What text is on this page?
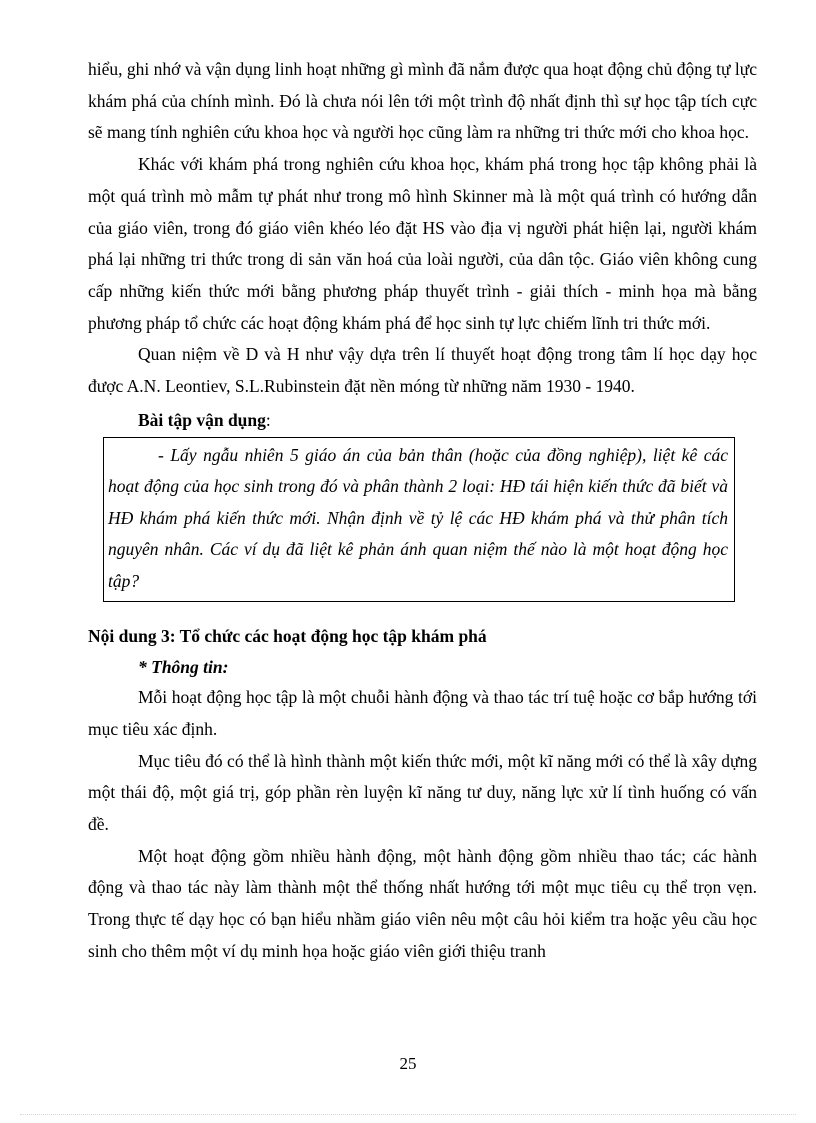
hiểu, ghi nhớ và vận dụng linh hoạt những gì mình đã nắm được qua hoạt động chủ động tự lực khám phá của chính mình. Đó là chưa nói lên tới một trình độ nhất định thì sự học tập tích cực sẽ mang tính nghiên cứu khoa học và người học cũng làm ra những tri thức mới cho khoa học.

Khác với khám phá trong nghiên cứu khoa học, khám phá trong học tập không phải là một quá trình mò mẫm tự phát như trong mô hình Skinner mà là một quá trình có hướng dẫn của giáo viên, trong đó giáo viên khéo léo đặt HS vào địa vị người phát hiện lại, người khám phá lại những tri thức trong di sản văn hoá của loài người, của dân tộc. Giáo viên không cung cấp những kiến thức mới bằng phương pháp thuyết trình - giải thích - minh họa mà bằng phương pháp tổ chức các hoạt động khám phá để học sinh tự lực chiếm lĩnh tri thức mới.

Quan niệm về D và H như vậy dựa trên lí thuyết hoạt động trong tâm lí học dạy học được A.N. Leontiev, S.L.Rubinstein đặt nền móng từ những năm 1930 - 1940.

Bài tập vận dụng:

- Lấy ngẫu nhiên 5 giáo án của bản thân (hoặc của đồng nghiệp), liệt kê các hoạt động của học sinh trong đó và phân thành 2 loại: HĐ tái hiện kiến thức đã biết và HĐ khám phá kiến thức mới. Nhận định về tỷ lệ các HĐ khám phá và thử phân tích nguyên nhân. Các ví dụ đã liệt kê phản ánh quan niệm thế nào là một hoạt động học tập?

Nội dung 3: Tổ chức các hoạt động học tập khám phá

* Thông tin:

Mỗi hoạt động học tập là một chuỗi hành động và thao tác trí tuệ hoặc cơ bắp hướng tới mục tiêu xác định.

Mục tiêu đó có thể là hình thành một kiến thức mới, một kĩ năng mới có thể là xây dựng một thái độ, một giá trị, góp phần rèn luyện kĩ năng tư duy, năng lực xử lí tình huống có vấn đề.

Một hoạt động gồm nhiều hành động, một hành động gồm nhiều thao tác; các hành động và thao tác này làm thành một thể thống nhất hướng tới một mục tiêu cụ thể trọn vẹn. Trong thực tế dạy học có bạn hiểu nhầm giáo viên nêu một câu hỏi kiểm tra hoặc yêu cầu học sinh cho thêm một ví dụ minh họa hoặc giáo viên giới thiệu tranh

25
